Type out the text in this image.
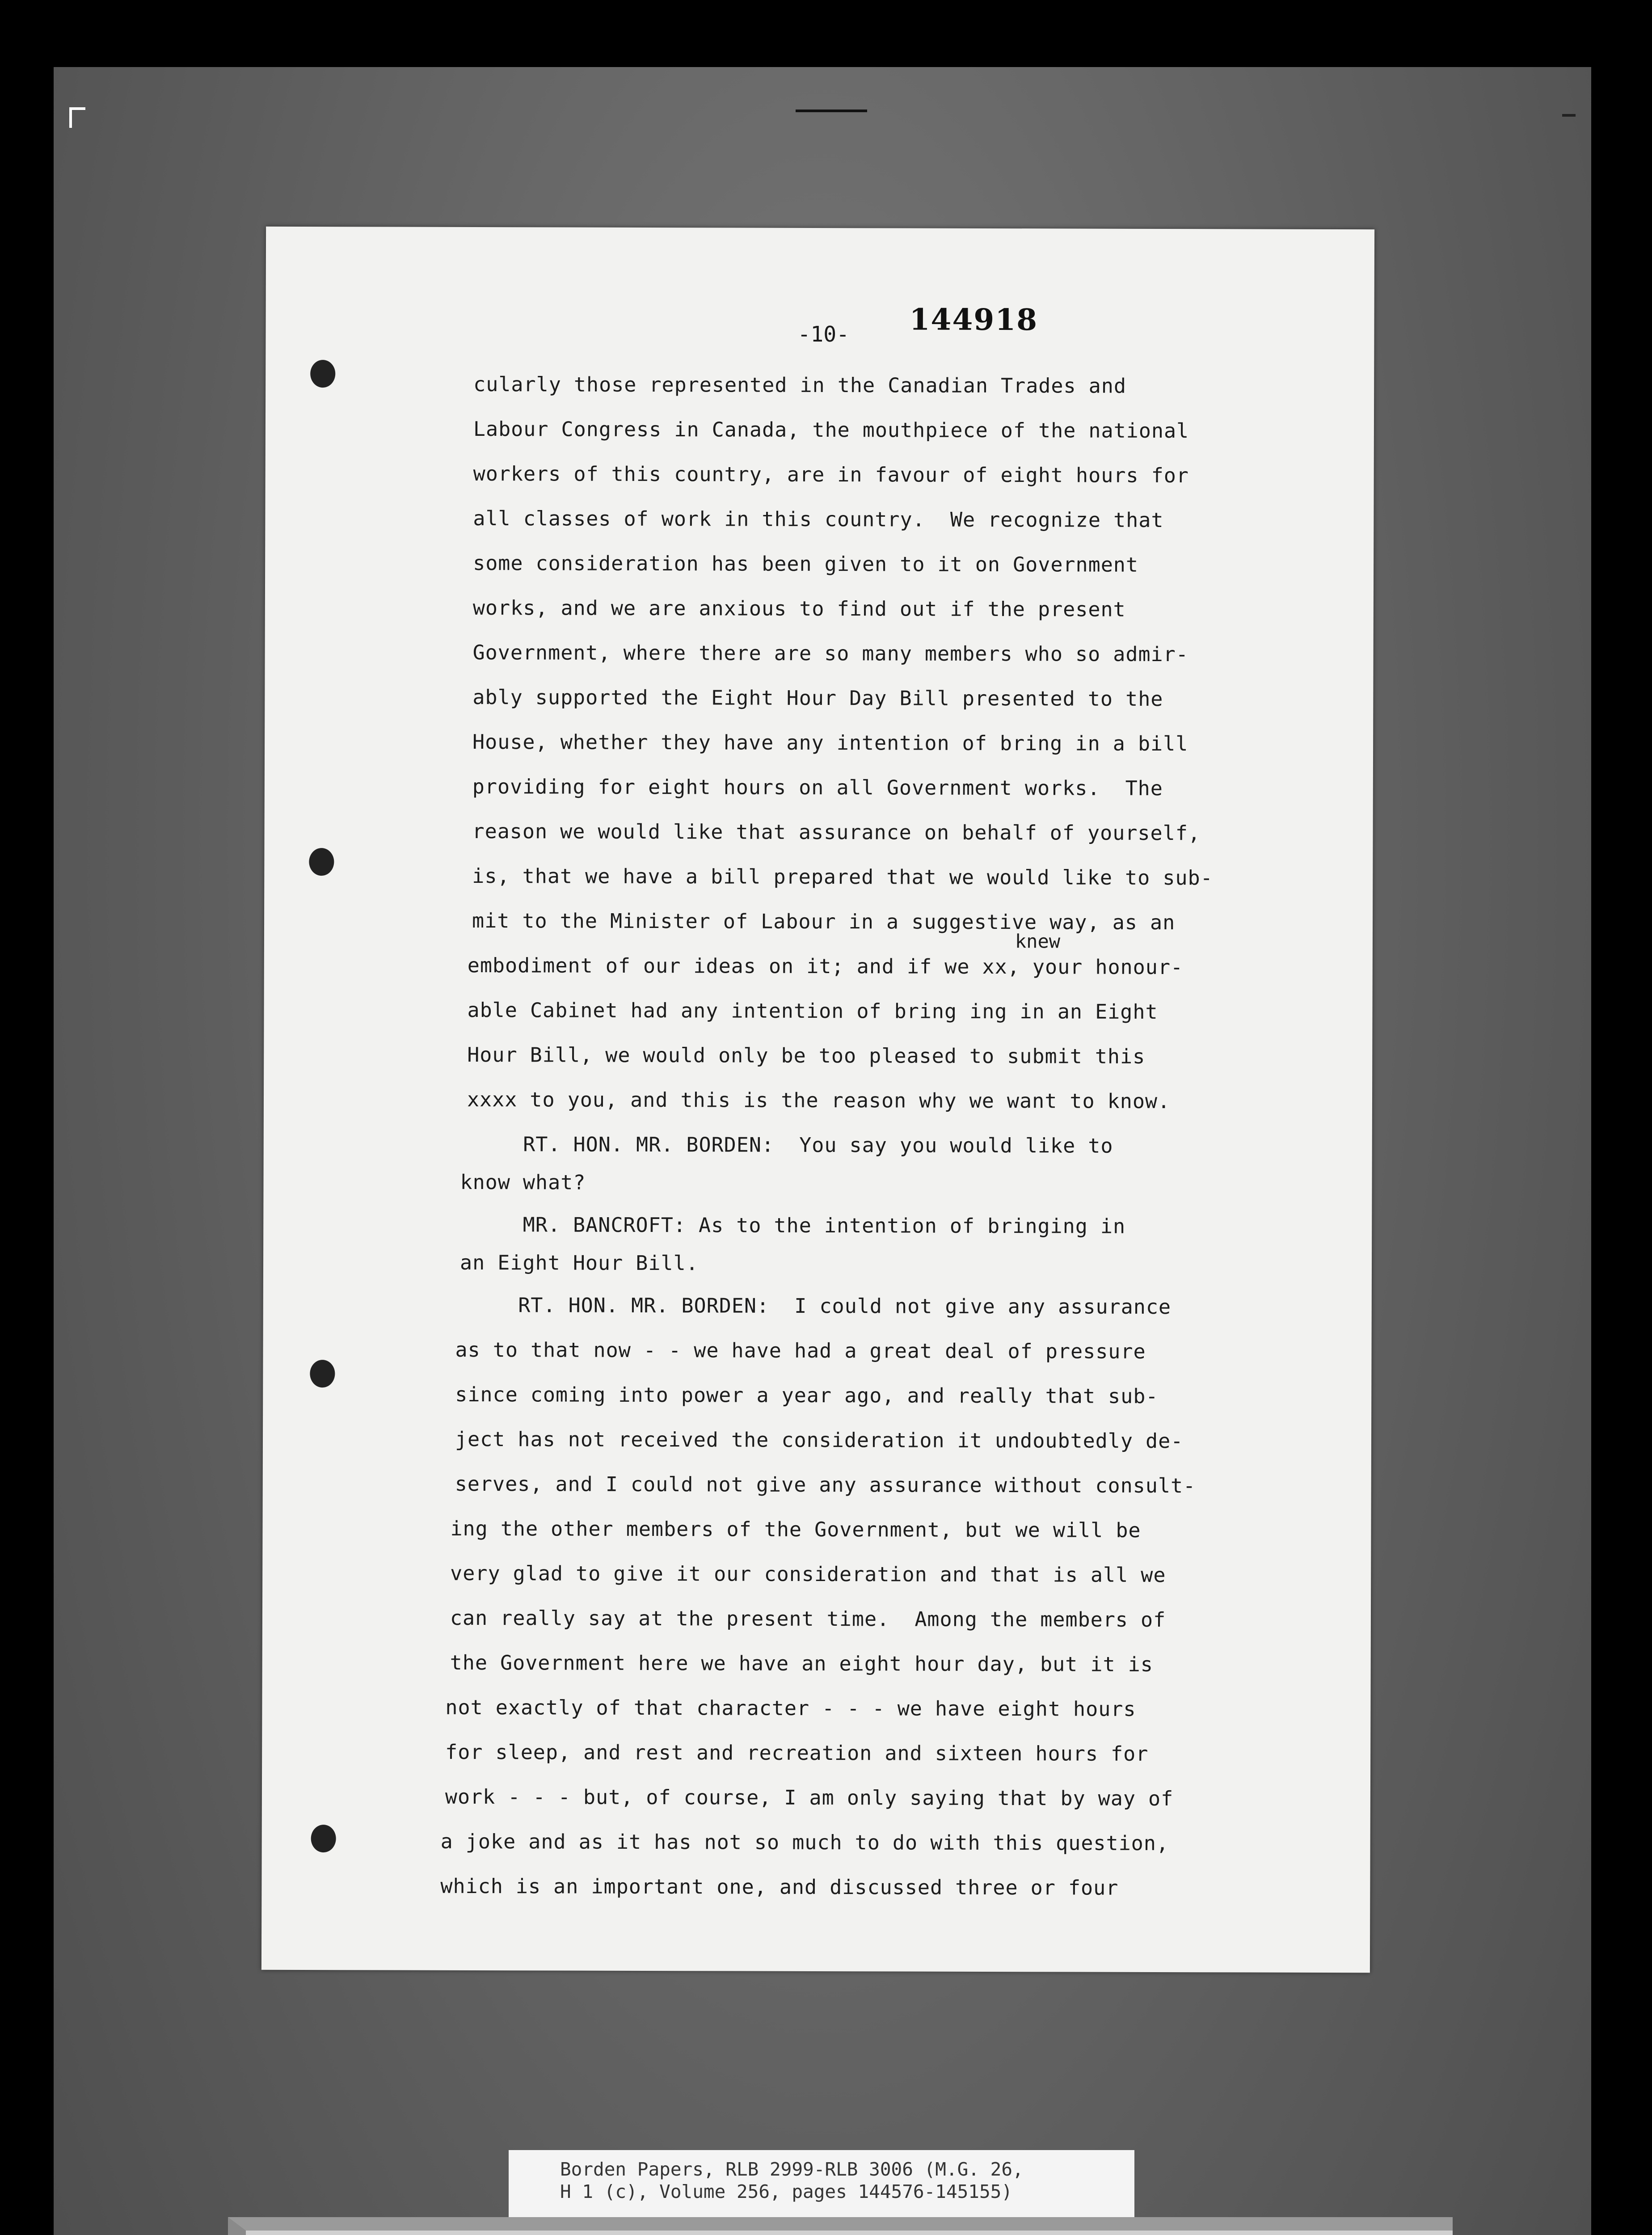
-10- 144918
cularly those represented in the Canadian Trades and
Labour Congress in Canada, the mouthpiece of the national
workers of this country, are in favour of eight hours for
all classes of work in this country.  We recognize that
some consideration has been given to it on Government
works, and we are anxious to find out if the present
Government, where there are so many members who so admir-
ably supported the Eight Hour Day Bill presented to the
House, whether they have any intention of bring in a bill
providing for eight hours on all Government works.  The
reason we would like that assurance on behalf of yourself,
is, that we have a bill prepared that we would like to sub-
mit to the Minister of Labour in a suggestive way, as an
knew
embodiment of our ideas on it; and if we xx, your honour-
able Cabinet had any intention of bring ing in an Eight
Hour Bill, we would only be too pleased to submit this
xxxx to you, and this is the reason why we want to know.
RT. HON. MR. BORDEN:  You say you would like to
know what?
MR. BANCROFT: As to the intention of bringing in
an Eight Hour Bill.
RT. HON. MR. BORDEN:  I could not give any assurance
as to that now - - we have had a great deal of pressure
since coming into power a year ago, and really that sub-
ject has not received the consideration it undoubtedly de-
serves, and I could not give any assurance without consult-
ing the other members of the Government, but we will be
very glad to give it our consideration and that is all we
can really say at the present time.  Among the members of
the Government here we have an eight hour day, but it is
not exactly of that character - - - we have eight hours
for sleep, and rest and recreation and sixteen hours for
work - - - but, of course, I am only saying that by way of
a joke and as it has not so much to do with this question,
which is an important one, and discussed three or four
Borden Papers, RLB 2999-RLB 3006 (M.G. 26,
H 1 (c), Volume 256, pages 144576-145155)
